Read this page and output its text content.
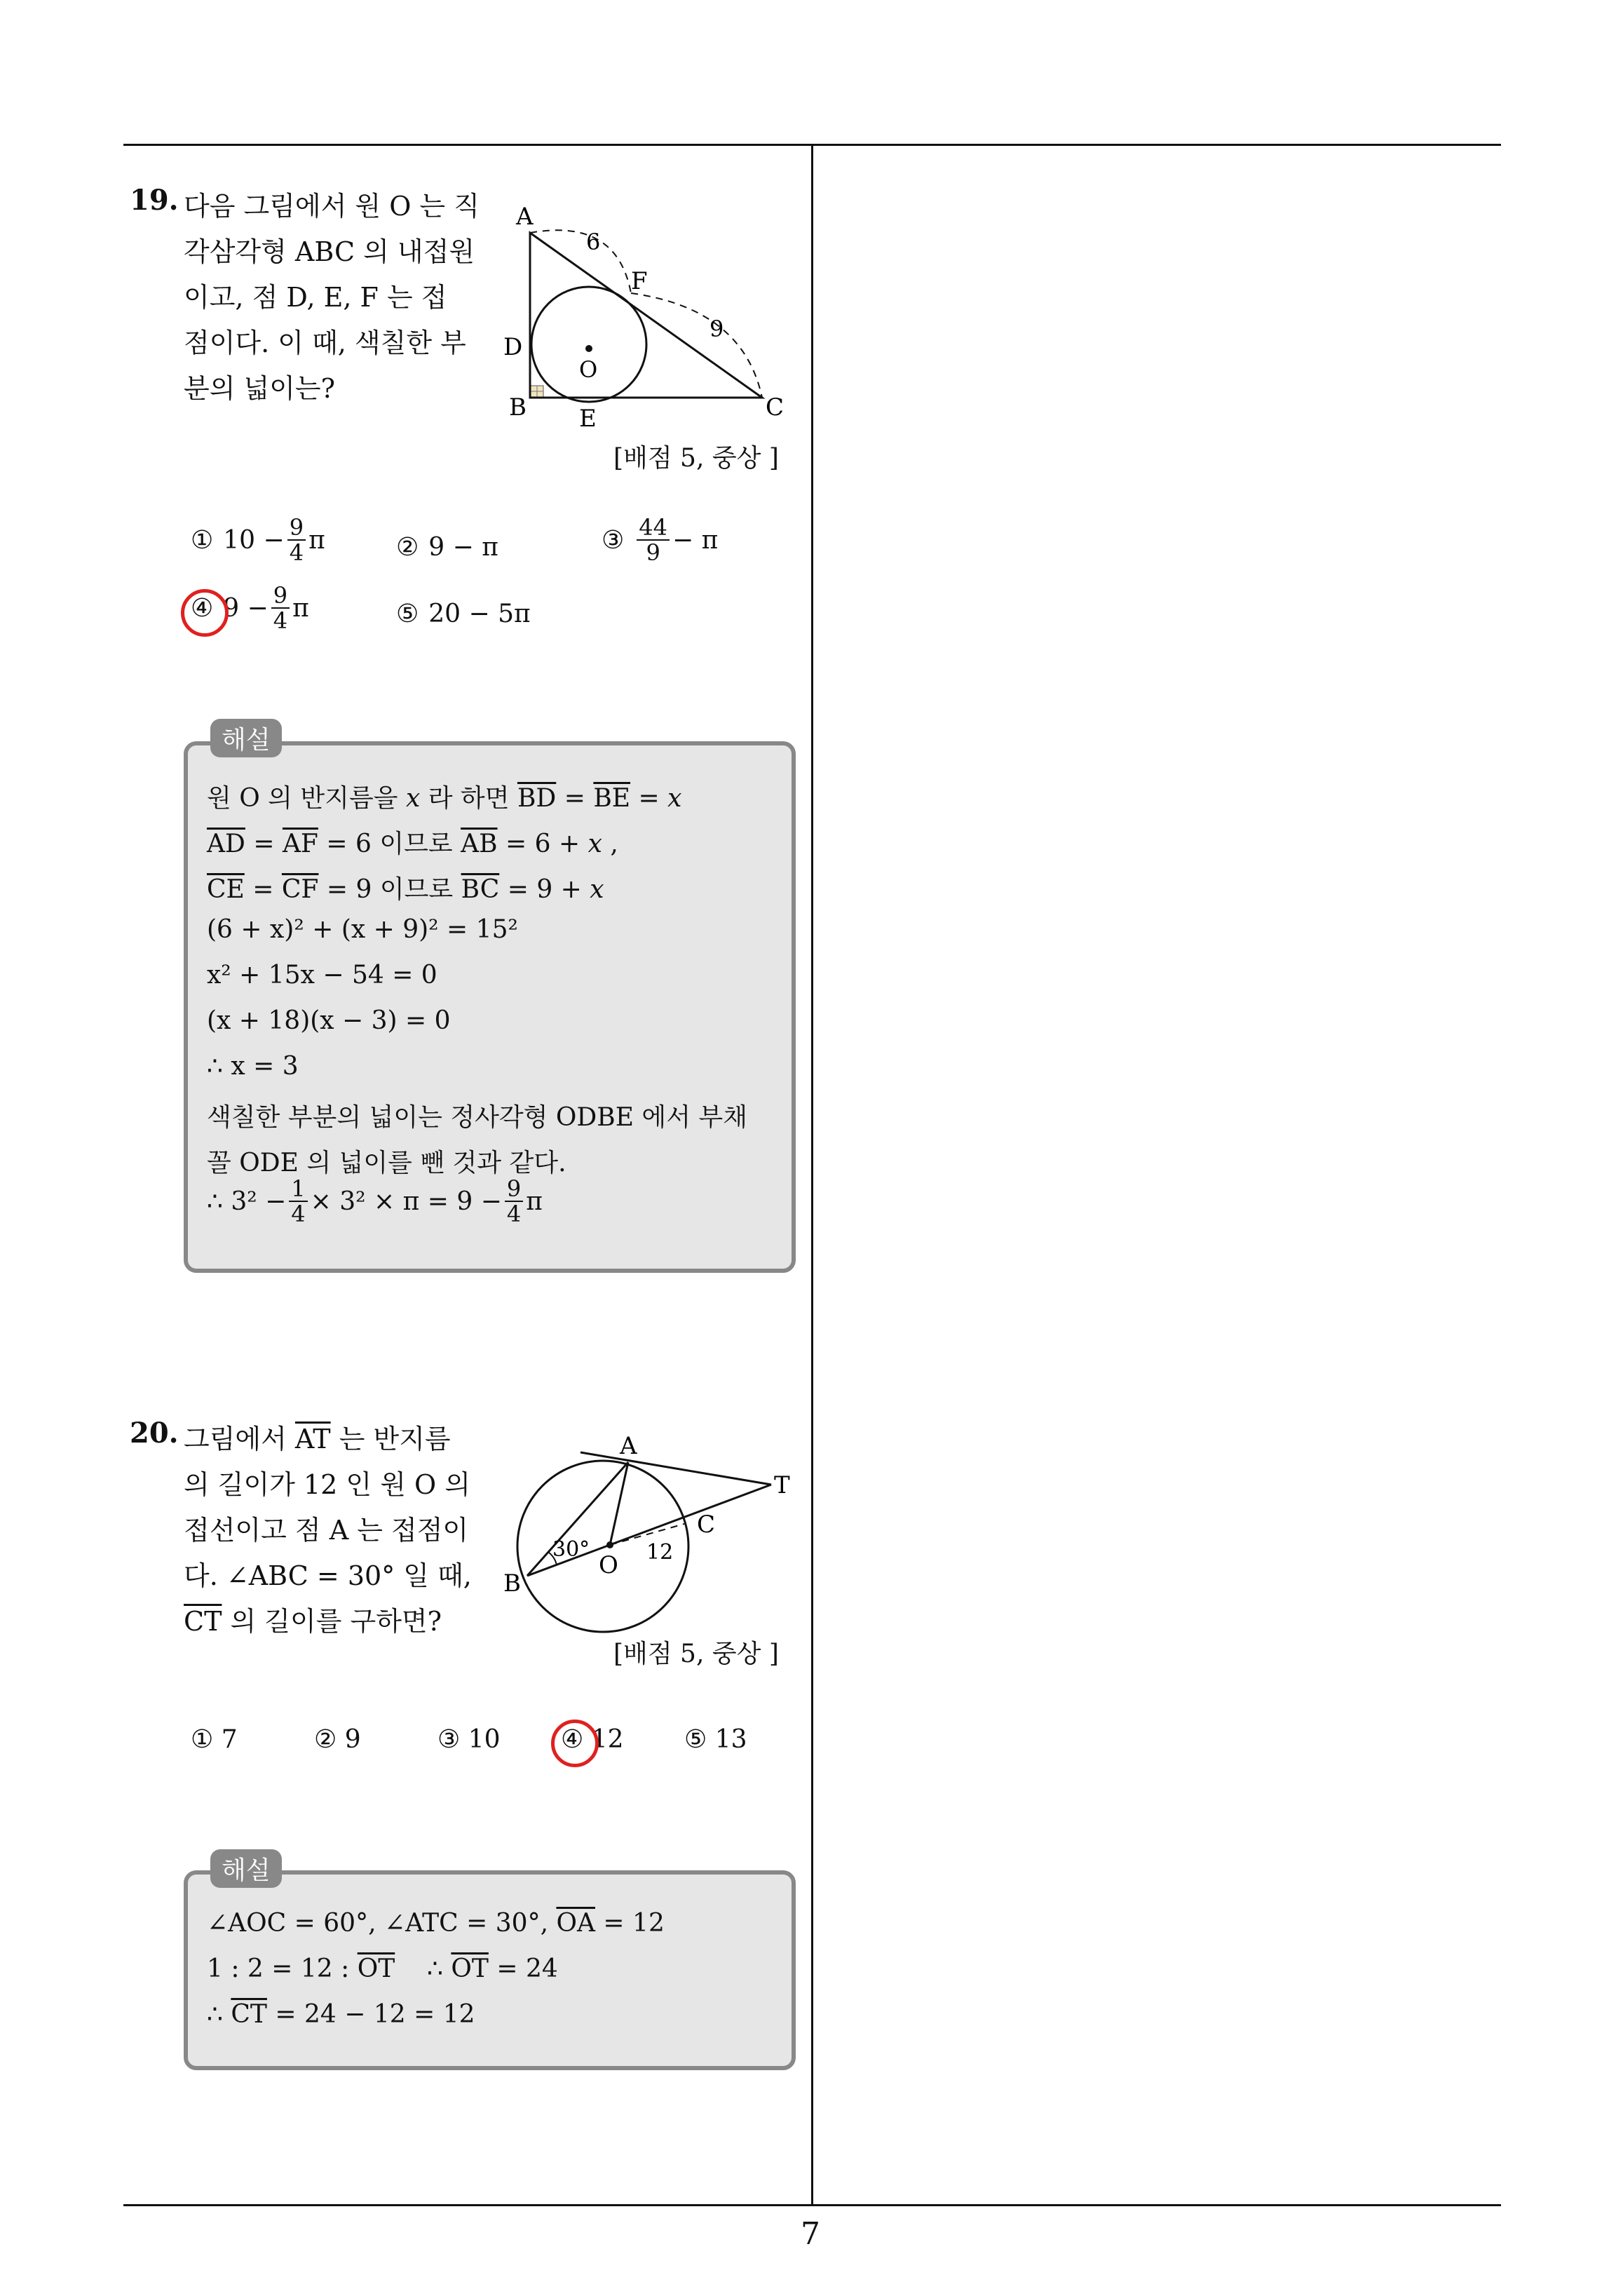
7
19. 다음 그림에서 원 O 는 직
각삼각형 ABC 의 내접원
이고, 점 D, E, F 는 접
점이다. 이 때, 색칠한 부
분의 넓이는?
A
B	C
D
E
F
O
6
9
[배점 5, 중상 ]
① $10 - \frac{9}{4}$ π	② 9 − π	③ $\frac{44}{9} - \pi$
④ $9 - \frac{9}{4}$ π	⑤ 20 − 5π
해설
원 O 의 반지름을 x 라 하면 $\overline{BD} = \overline{BE} = x$
$\overline{AD} = \overline{AF} = 6$ 이므로 $\overline{AB} = 6 + x$ ,
$\overline{CE} = \overline{CF} = 9$ 이므로 $\overline{BC} = 9 + x$
(6 + x)² + (x + 9)² = 15²
x² + 15x − 54 = 0
(x + 18)(x − 3) = 0
∴ x = 3
색칠한 부분의 넓이는 정사각형 ODBE 에서 부채
꼴 ODE 의 넓이를 뺀 것과 같다.
∴ $3^2 - \frac{1}{4} \times 3^2 \times \pi = 9 - \frac{9}{4}$ π
20. 그림에서 $\overline{AT}$ 는 반지름
의 길이가 12 인 원 O 의
접선이고 점 A 는 접점이
다. ∠ABC = 30° 일 때,
$\overline{CT}$ 의 길이를 구하면?
A
T
C
B
O
30°	12
[배점 5, 중상 ]
① 7	② 9	③ 10 ④ 12 ⑤ 13
해설
∠AOC = 60°, ∠ATC = 30°, $\overline{OA} = 12$
1 : 2 = 12 : $\overline{OT}$    ∴ $\overline{OT} = 24$
∴ $\overline{CT} = 24 - 12 = 12$
